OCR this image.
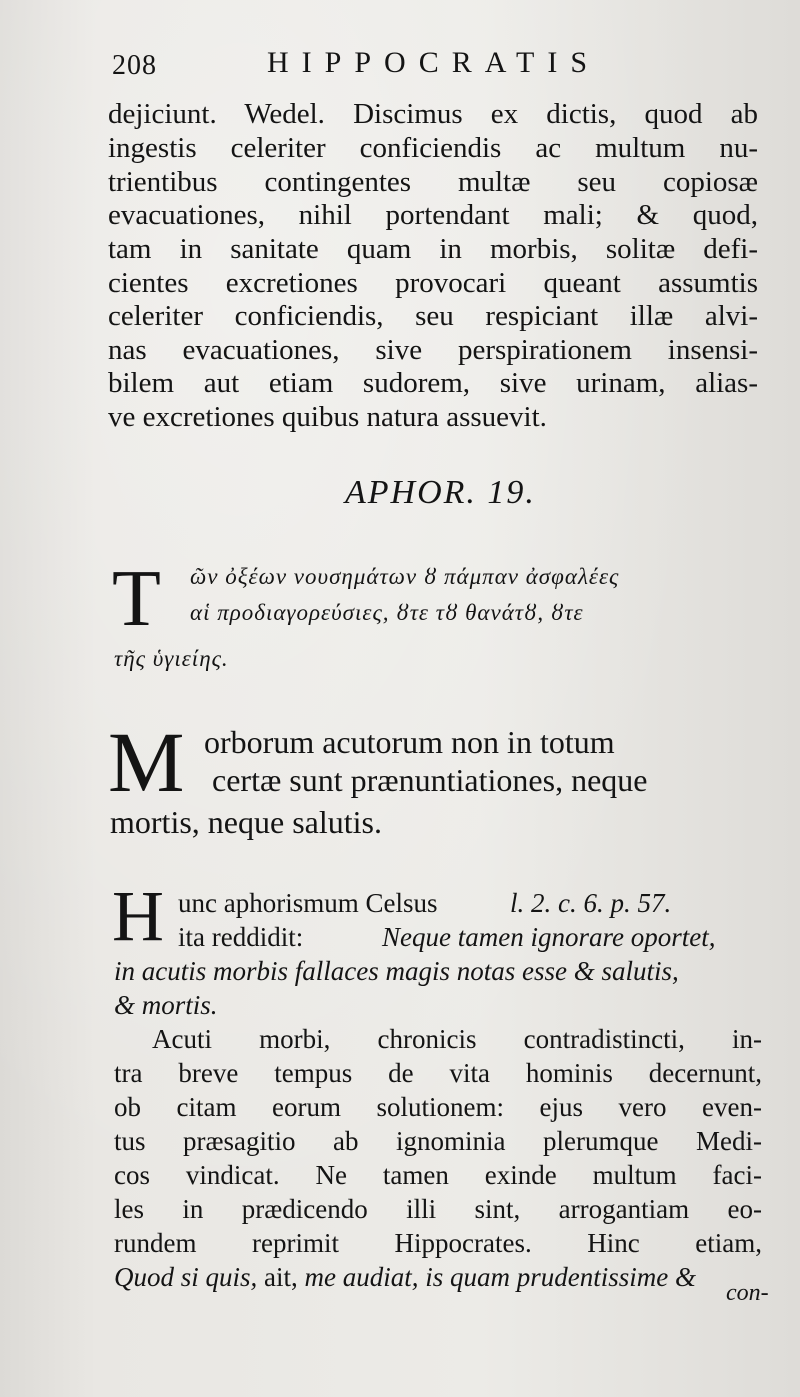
208	HIPPOCRATIS
dejiciunt. Wedel. Discimus ex dictis, quod ab
ingestis celeriter conficiendis ac multum nu-
trientibus contingentes multæ seu copiosæ
evacuationes, nihil portendant mali; & quod,
tam in sanitate quam in morbis, solitæ defi-
cientes excretiones provocari queant assumtis
celeriter conficiendis, seu respiciant illæ alvi-
nas evacuationes, sive perspirationem insensi-
bilem aut etiam sudorem, sive urinam, alias-
ve excretiones quibus natura assuevit.
APHOR. 19.
T ῶν ὀξέων νουσημάτων ȣ πάμπαν ἀσφαλέες
αἱ προδιαγορεύσιες, ȣτε τȣ θανάτȣ, ȣτε
τῆς ὑγιείης.
M orborum acutorum non in totum
certæ sunt prænuntiationes, neque
mortis, neque salutis.
H unc aphorismum Celsus	l. 2. c. 6. p. 57.
ita reddidit:	Neque tamen ignorare oportet,
in acutis morbis fallaces magis notas esse & salutis,
& mortis.
Acuti morbi, chronicis contradistincti, in-
tra breve tempus de vita hominis decernunt,
ob citam eorum solutionem: ejus vero even-
tus præsagitio ab ignominia plerumque Medi-
cos vindicat. Ne tamen exinde multum faci-
les in prædicendo illi sint, arrogantiam eo-
rundem reprimit Hippocrates. Hinc etiam,
Quod si quis, ait, me audiat, is quam prudentissime &
con-
